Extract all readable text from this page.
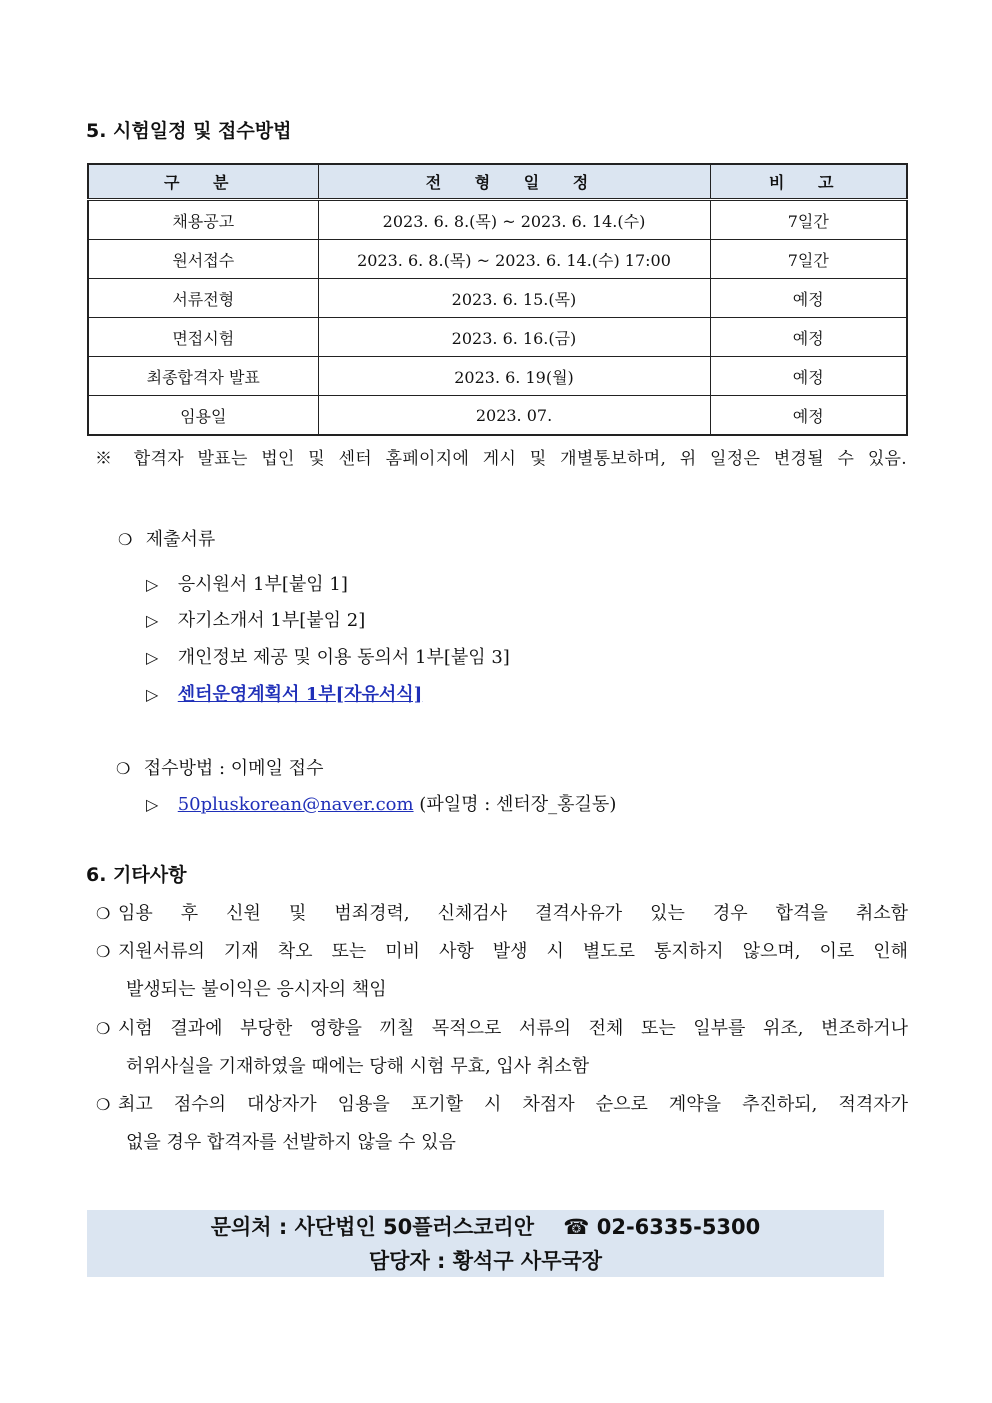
5. 시험일정 및 접수방법
구 분	전 형 일 정	비 고
채용공고	2023. 6. 8.(목) ~ 2023. 6. 14.(수)	7일간
원서접수	2023. 6. 8.(목) ~ 2023. 6. 14.(수) 17:00	7일간
서류전형	2023. 6. 15.(목)	예정
면접시험	2023. 6. 16.(금)	예정
최종합격자 발표	2023. 6. 19(월)	예정
임용일	2023. 07.	예정
※ 합격자 발표는 법인 및 센터 홈페이지에 게시 및 개별통보하며, 위 일정은 변경될 수 있음.
❍ 제출서류
▷ 응시원서 1부[붙임 1]
▷ 자기소개서 1부[붙임 2]
▷ 개인정보 제공 및 이용 동의서 1부[붙임 3]
▷ 센터운영계획서 1부[자유서식]
❍ 접수방법 : 이메일 접수
▷ 50pluskorean@naver.com (파일명 : 센터장_홍길동)
6. 기타사항
❍ 임용 후 신원 및 범죄경력, 신체검사 결격사유가 있는 경우 합격을 취소함
❍ 지원서류의 기재 착오 또는 미비 사항 발생 시 별도로 통지하지 않으며, 이로 인해
발생되는 불이익은 응시자의 책임
❍ 시험 결과에 부당한 영향을 끼칠 목적으로 서류의 전체 또는 일부를 위조, 변조하거나
허위사실을 기재하였을 때에는 당해 시험 무효, 입사 취소함
❍ 최고 점수의 대상자가 임용을 포기할 시 차점자 순으로 계약을 추진하되, 적격자가
없을 경우 합격자를 선발하지 않을 수 있음
문의처 : 사단법인 50플러스코리안 ☎ 02-6335-5300
담당자 : 황석구 사무국장
